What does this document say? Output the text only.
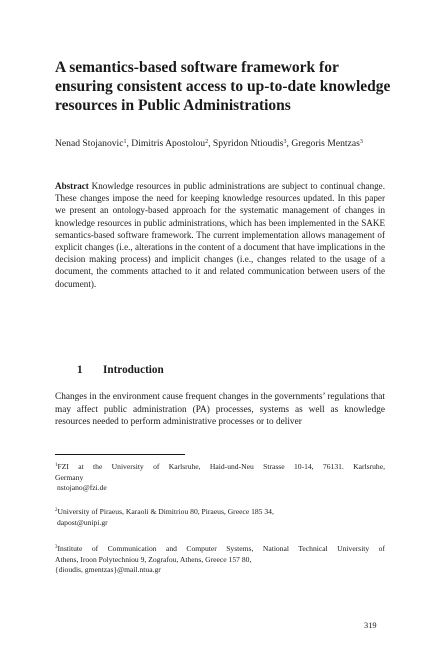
A semantics-based software framework for ensuring consistent access to up-to-date knowledge resources in Public Administrations

Nenad Stojanovic$^1$, Dimitris Apostolou$^2$, Spyridon Ntioudis$^3$, Gregoris Mentzas$^3$

Abstract Knowledge resources in public administrations are subject to continual change. These changes impose the need for keeping knowledge resources updated. In this paper we present an ontology-based approach for the systematic management of changes in knowledge resources in public administrations, which has been implemented in the SAKE semantics-based software framework. The current implementation allows management of explicit changes (i.e., alterations in the content of a document that have implications in the decision making process) and implicit changes (i.e., changes related to the usage of a document, the comments attached to it and related communication between users of the document).

1 Introduction

Changes in the environment cause frequent changes in the governments’ regulations that may affect public administration (PA) processes, systems as well as knowledge resources needed to perform administrative processes or to deliver

$^1$FZI at the University of Karlsruhe, Haid-und-Neu Strasse 10-14, 76131. Karlsruhe,
Germany
nstojano@fzi.de
$^2$University of Piraeus, Karaoli & Dimitriou 80, Piraeus, Greece 185 34,
dapost@unipi.gr
$^3$Institute of Communication and Computer Systems, National Technical University of
Athens, Iroon Polytechniou 9, Zografou, Athens, Greece 157 80,
{dioudis, gmentzas}@mail.ntua.gr

319
